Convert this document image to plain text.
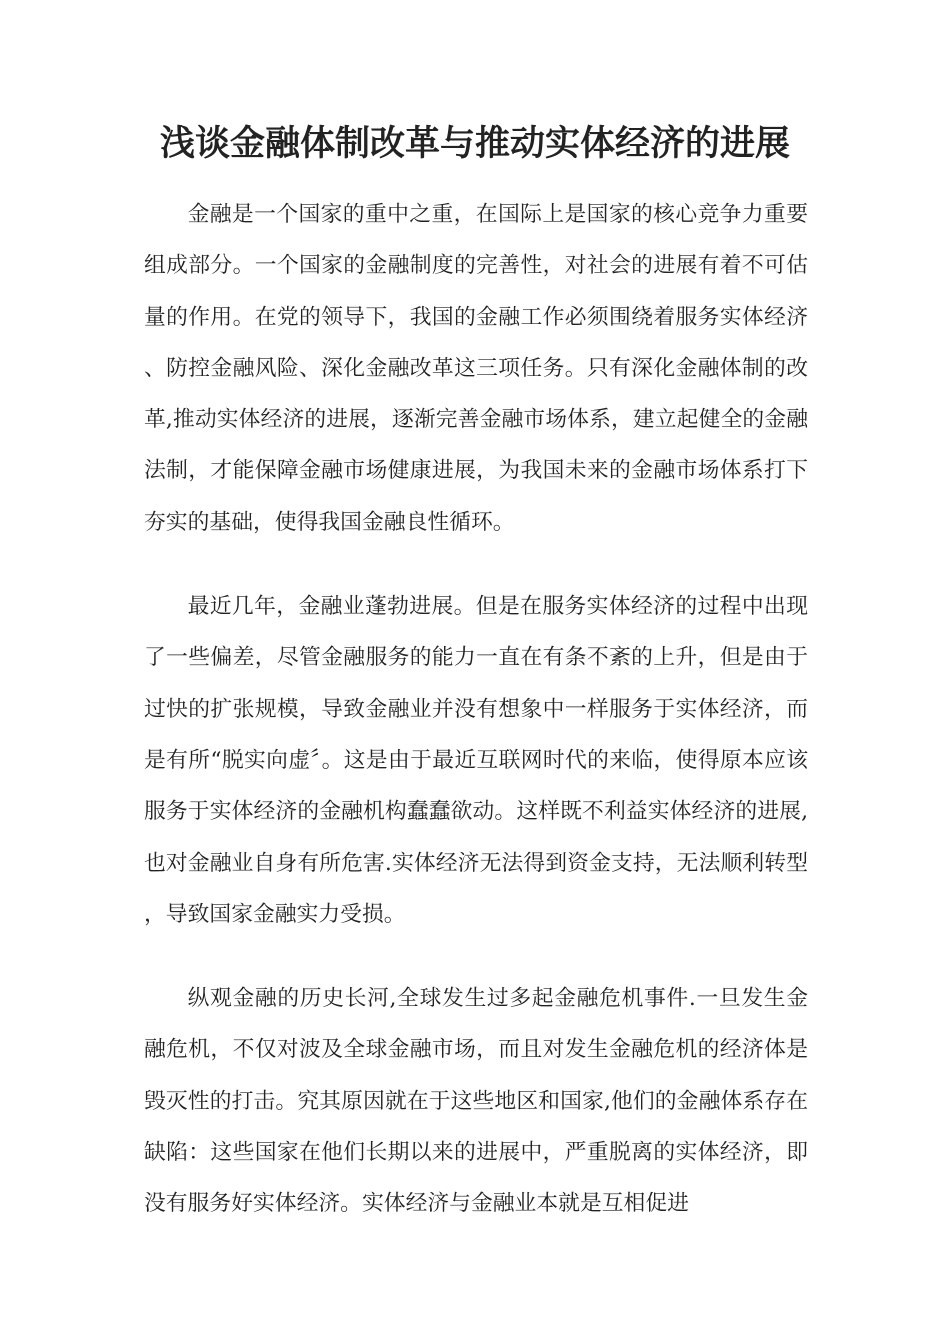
浅谈金融体制改革与推动实体经济的进展

金融是一个国家的重中之重，在国际上是国家的核心竞争力重要组成部分。一个国家的金融制度的完善性，对社会的进展有着不可估量的作用。在党的领导下，我国的金融工作必须围绕着服务实体经济、防控金融风险、深化金融改革这三项任务。只有深化金融体制的改革,推动实体经济的进展，逐渐完善金融市场体系，建立起健全的金融法制，才能保障金融市场健康进展，为我国未来的金融市场体系打下夯实的基础，使得我国金融良性循环。

最近几年，金融业蓬勃进展。但是在服务实体经济的过程中出现了一些偏差，尽管金融服务的能力一直在有条不紊的上升，但是由于过快的扩张规模，导致金融业并没有想象中一样服务于实体经济，而是有所“脱实向虚〞。这是由于最近互联网时代的来临，使得原本应该服务于实体经济的金融机构蠢蠢欲动。这样既不利益实体经济的进展,也对金融业自身有所危害.实体经济无法得到资金支持，无法顺利转型，导致国家金融实力受损。

纵观金融的历史长河,全球发生过多起金融危机事件.一旦发生金融危机，不仅对波及全球金融市场，而且对发生金融危机的经济体是毁灭性的打击。究其原因就在于这些地区和国家,他们的金融体系存在缺陷：这些国家在他们长期以来的进展中，严重脱离的实体经济，即没有服务好实体经济。实体经济与金融业本就是互相促进
